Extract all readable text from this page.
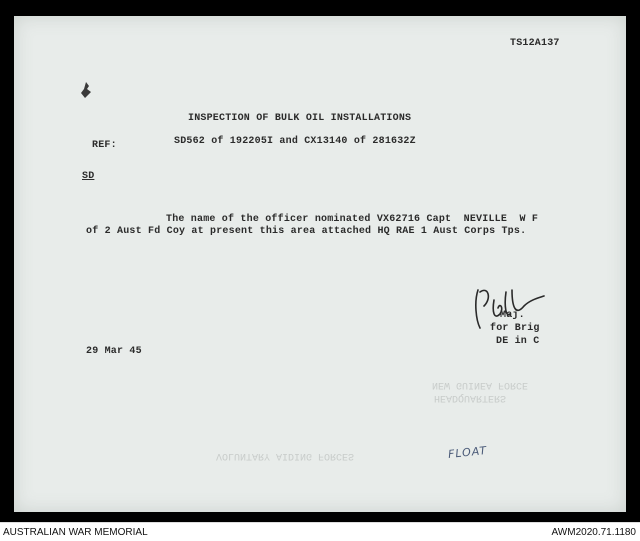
TS12A137
INSPECTION OF BULK OIL INSTALLATIONS
REF:	SD562 of 192205I and CX13140 of 281632Z
SD
The name of the officer nominated VX62716 Capt  NEVILLE  W F
of 2 Aust Fd Coy at present this area attached HQ RAE 1 Aust Corps Tps.
Maj.
for Brig
DE in C
29 Mar 45
NEW GUINEA FORCE
HEADQUARTERS
VOLUNTARY AIDING FORCES	FLOAT
AUSTRALIAN WAR MEMORIAL	AWM2020.71.1180
